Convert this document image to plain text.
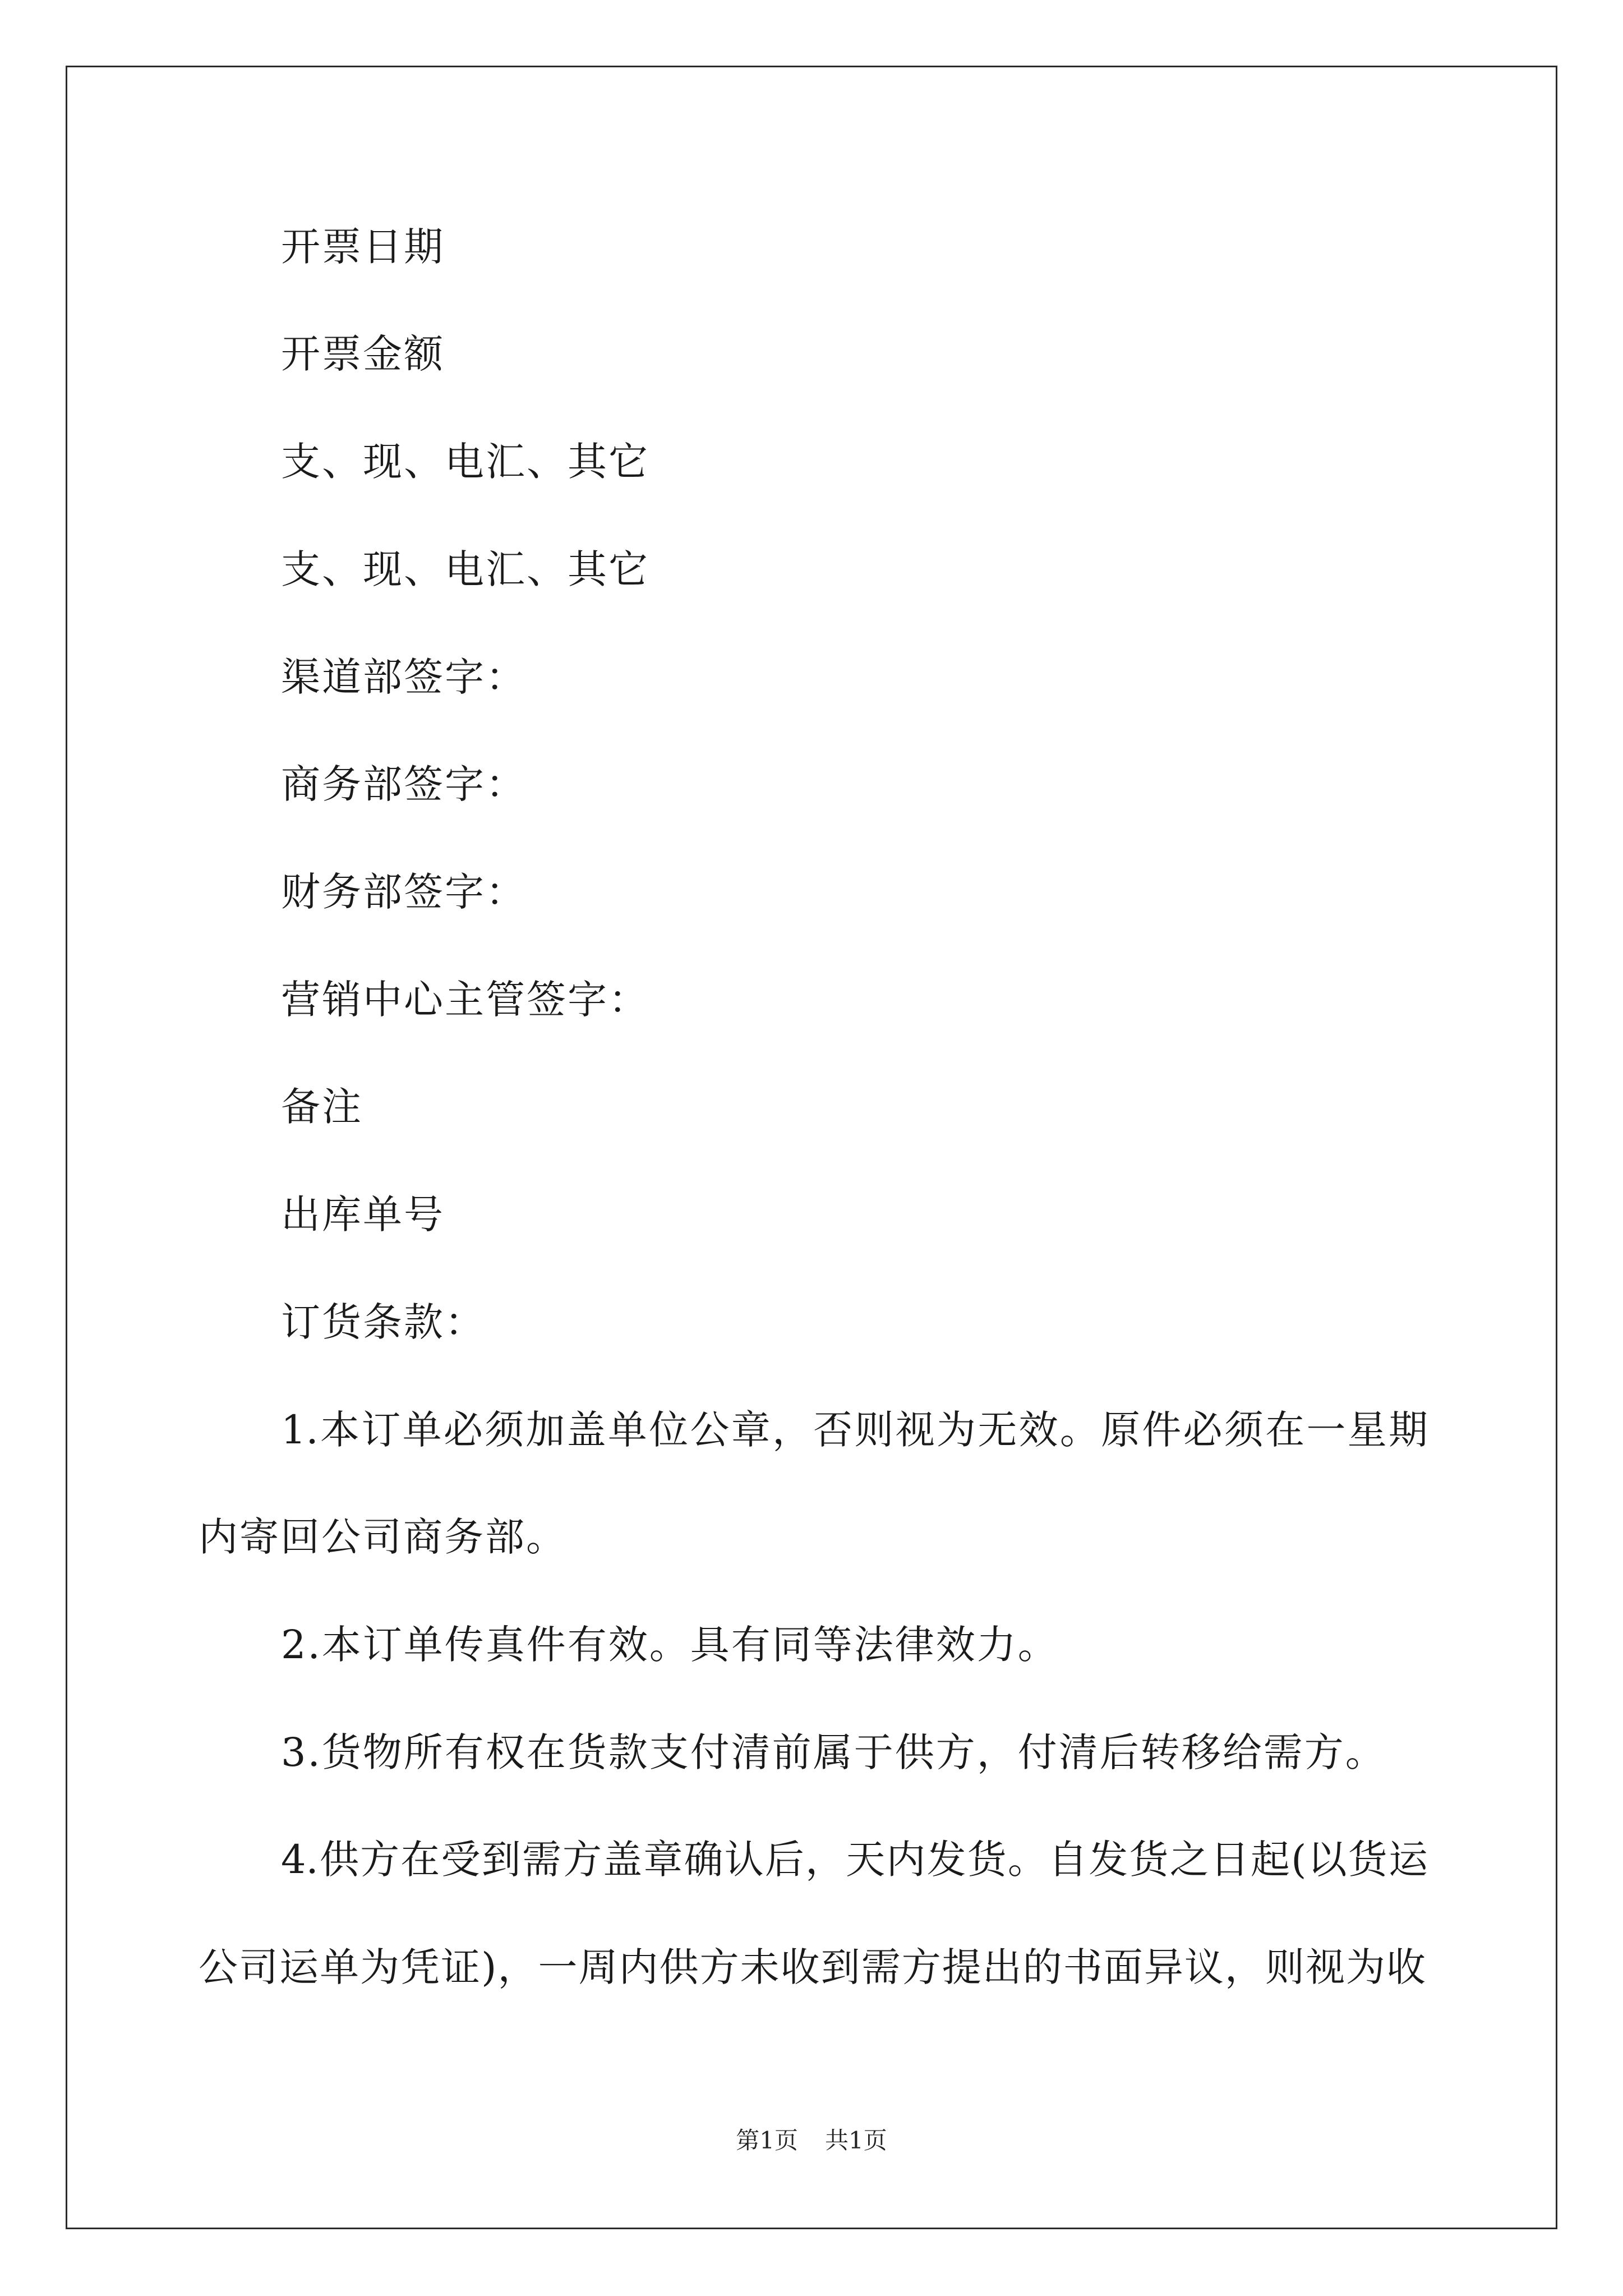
开票日期
开票金额
支、现、电汇、其它
支、现、电汇、其它
渠道部签字：
商务部签字：
财务部签字：
营销中心主管签字：
备注
出库单号
订货条款：
1.本订单必须加盖单位公章，否则视为无效。原件必须在一星期
内寄回公司商务部。
2.本订单传真件有效。具有同等法律效力。
3.货物所有权在货款支付清前属于供方，付清后转移给需方。
4.供方在受到需方盖章确认后，天内发货。自发货之日起(以货运
公司运单为凭证)，一周内供方未收到需方提出的书面异议，则视为收
第1页 共1页
